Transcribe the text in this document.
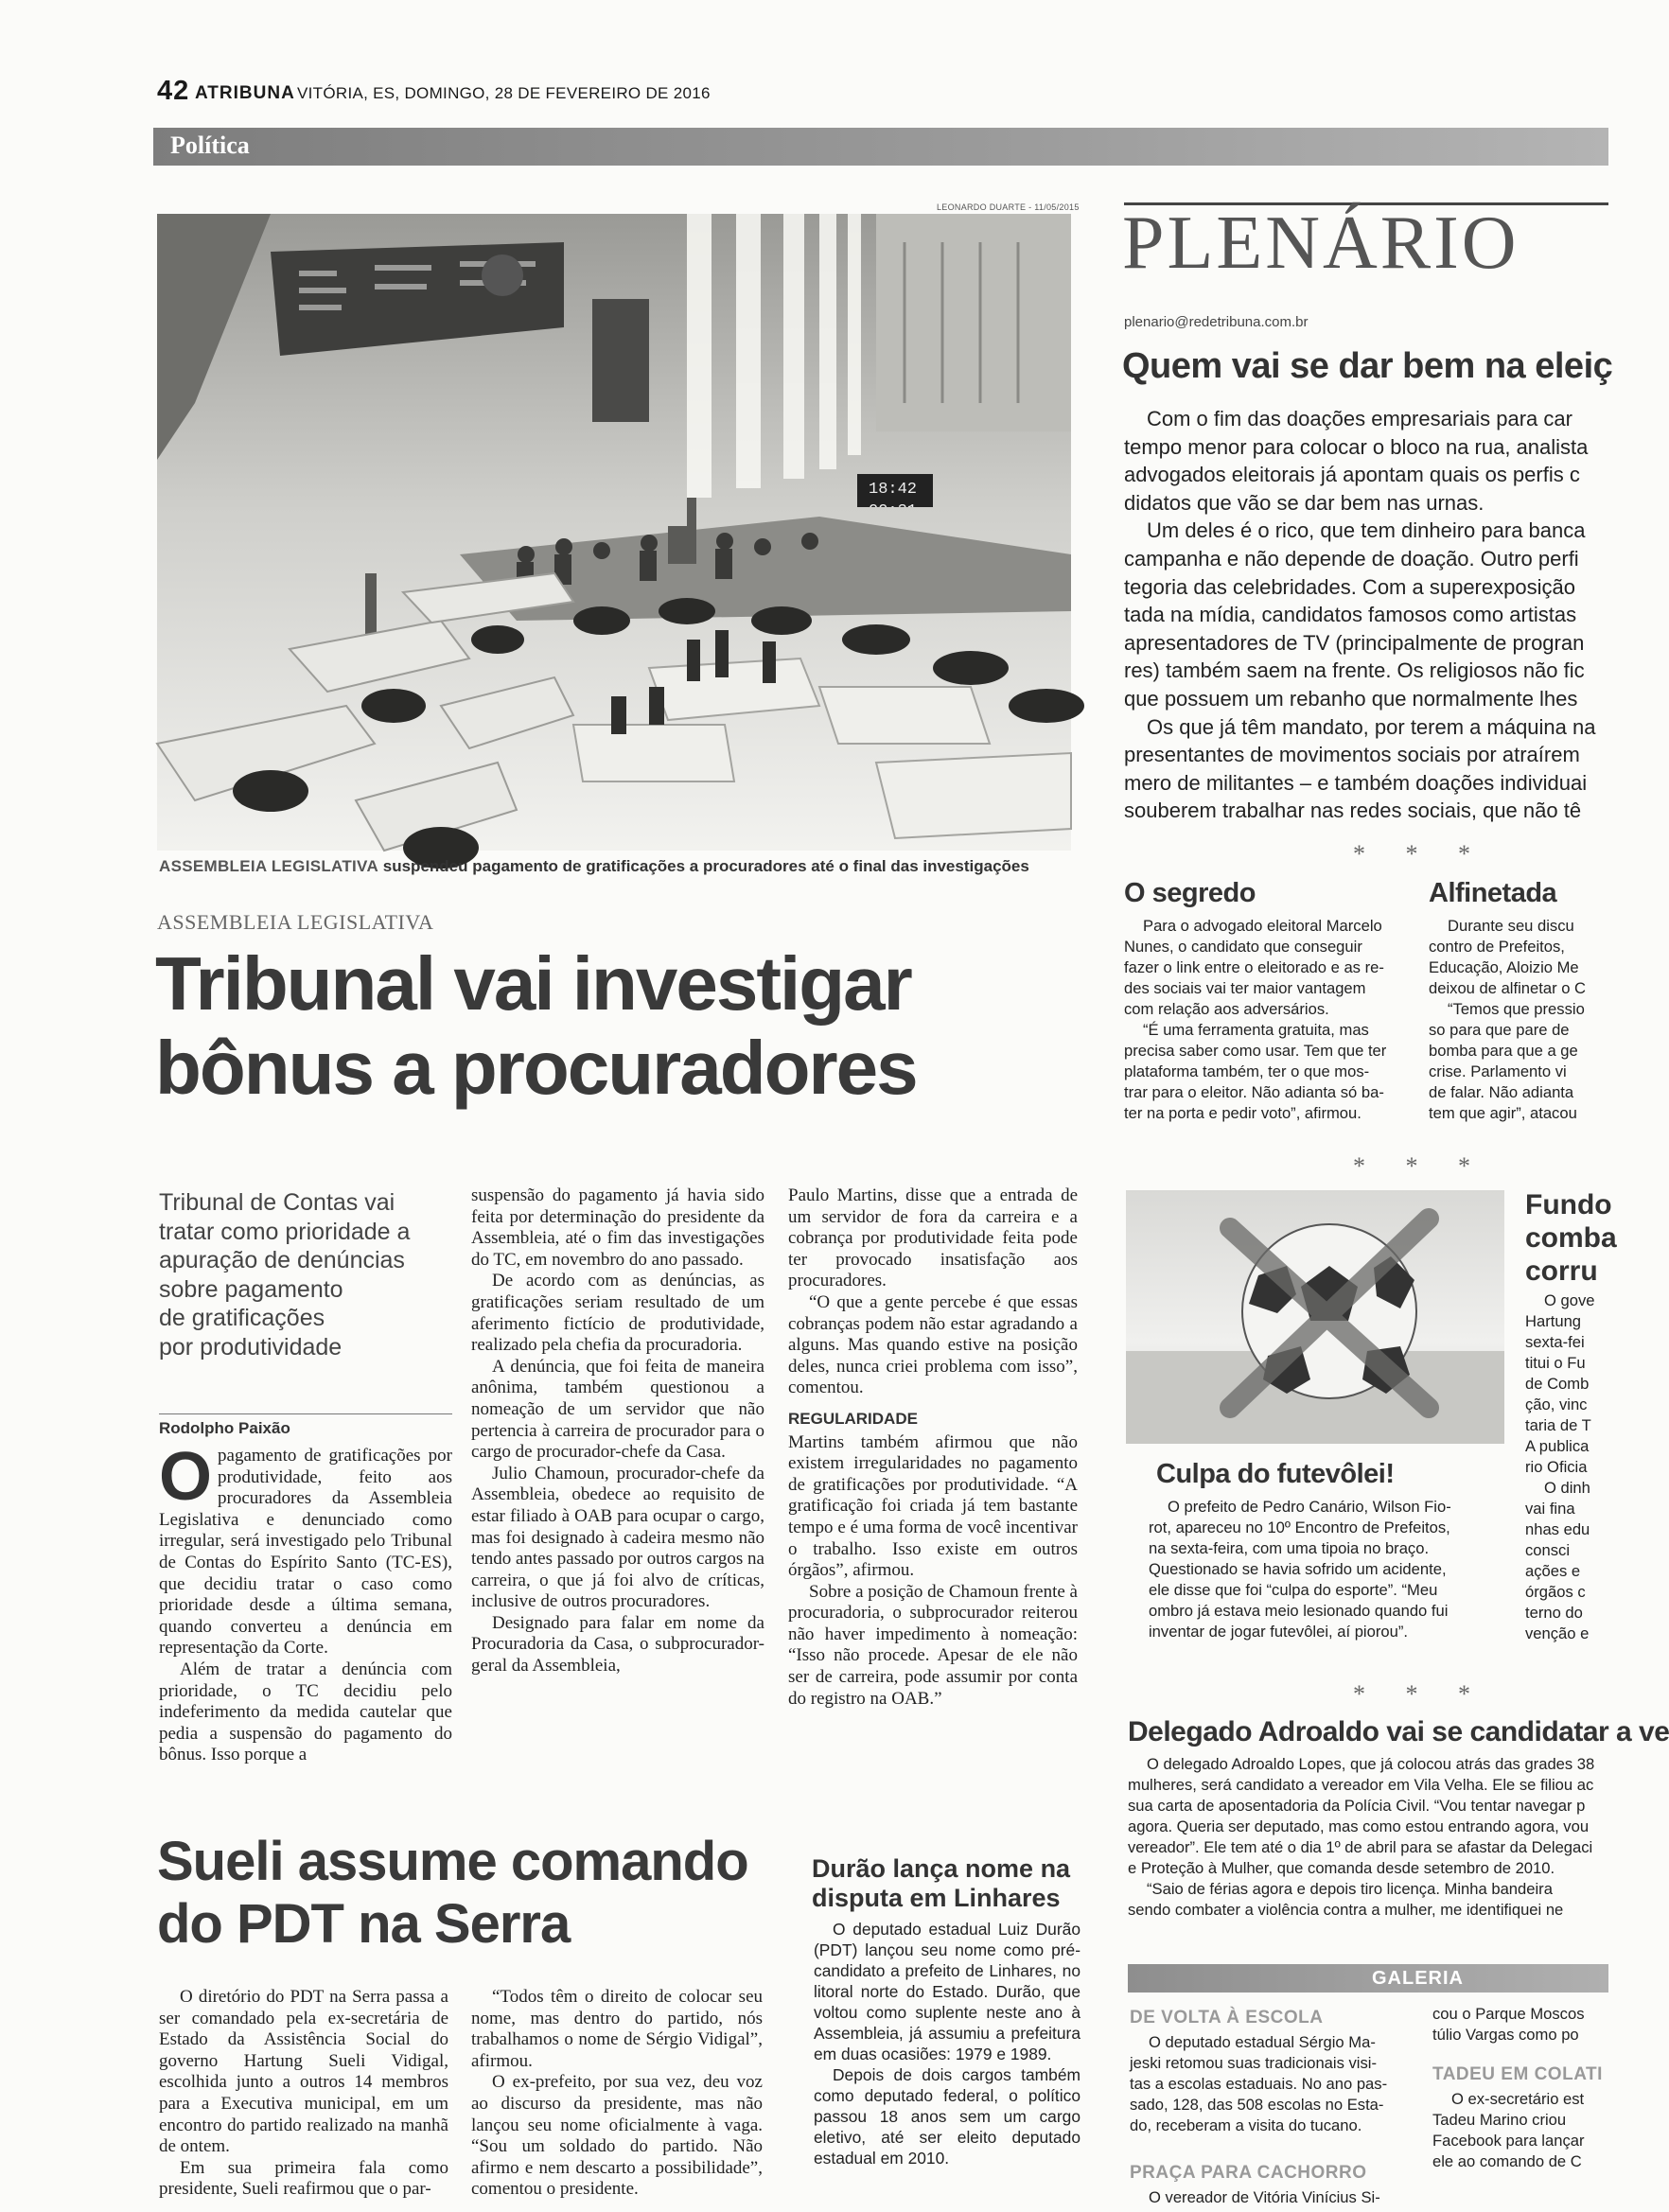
42 ATRIBUNA VITÓRIA, ES, DOMINGO, 28 DE FEVEREIRO DE 2016
Política
LEONARDO DUARTE - 11/05/2015
18:42
ASSEMBLEIA LEGISLATIVA suspendeu pagamento de gratificações a procuradores até o final das investigações
ASSEMBLEIA LEGISLATIVA
Tribunal vai investigar
bônus a procuradores
Tribunal de Contas vai
tratar como prioridade a
apuração de denúncias
sobre pagamento
de gratificações
por produtividade
Rodolpho Paixão
O pagamento de gratificações por produtividade, feito aos procuradores da Assembleia Legislativa e denunciado como irregular, será investigado pelo Tribunal de Contas do Espírito Santo (TC-ES), que decidiu tratar o caso como prioridade desde a última semana, quando converteu a denúncia em representação da Corte.

Além de tratar a denúncia com prioridade, o TC decidiu pelo indeferimento da medida cautelar que pedia a suspensão do pagamento do bônus. Isso porque a

suspensão do pagamento já havia sido feita por determinação do presidente da Assembleia, até o fim das investigações do TC, em novembro do ano passado.

De acordo com as denúncias, as gratificações seriam resultado de um aferimento fictício de produtividade, realizado pela chefia da procuradoria.

A denúncia, que foi feita de maneira anônima, também questionou a nomeação de um servidor que não pertencia à carreira de procurador para o cargo de procurador-chefe da Casa.

Julio Chamoun, procurador-chefe da Assembleia, obedece ao requisito de estar filiado à OAB para ocupar o cargo, mas foi designado à cadeira mesmo não tendo antes passado por outros cargos na carreira, o que já foi alvo de críticas, inclusive de outros procuradores.

Designado para falar em nome da Procuradoria da Casa, o subprocurador-geral da Assembleia,

Paulo Martins, disse que a entrada de um servidor de fora da carreira e a cobrança por produtividade feita pode ter provocado insatisfação aos procuradores.

“O que a gente percebe é que essas cobranças podem não estar agradando a alguns. Mas quando estive na posição deles, nunca criei problema com isso”, comentou.

REGULARIDADE

Martins também afirmou que não existem irregularidades no pagamento de gratificações por produtividade. “A gratificação foi criada já tem bastante tempo e é uma forma de você incentivar o trabalho. Isso existe em outros órgãos”, afirmou.

Sobre a posição de Chamoun frente à procuradoria, o subprocurador reiterou não haver impedimento à nomeação: “Isso não procede. Apesar de ele não ser de carreira, pode assumir por conta do registro na OAB.”

Sueli assume comando
do PDT na Serra

O diretório do PDT na Serra passa a ser comandado pela ex-secretária de Estado da Assistência Social do governo Hartung Sueli Vidigal, escolhida junto a outros 14 membros para a Executiva municipal, em um encontro do partido realizado na manhã de ontem.

Em sua primeira fala como presidente, Sueli reafirmou que o par-

“Todos têm o direito de colocar seu nome, mas dentro do partido, nós trabalhamos o nome de Sérgio Vidigal”, afirmou.

O ex-prefeito, por sua vez, deu voz ao discurso da presidente, mas não lançou seu nome oficialmente à vaga. “Sou um soldado do partido. Não afirmo e nem descarto a possibilidade”, comentou o presidente.

Durão lança nome na
disputa em Linhares

O deputado estadual Luiz Durão (PDT) lançou seu nome como pré-candidato a prefeito de Linhares, no litoral norte do Estado. Durão, que voltou como suplente neste ano à Assembleia, já assumiu a prefeitura em duas ocasiões: 1979 e 1989.

Depois de dois cargos também como deputado federal, o político passou 18 anos sem um cargo eletivo, até ser eleito deputado estadual em 2010.

PLENÁRIO
plenario@redetribuna.com.br
Quem vai se dar bem na eleiç
Com o fim das doações empresariais para car
tempo menor para colocar o bloco na rua, analista
advogados eleitorais já apontam quais os perfis c
didatos que vão se dar bem nas urnas.
Um deles é o rico, que tem dinheiro para banca
campanha e não depende de doação. Outro perfi
tegoria das celebridades. Com a superexposição
tada na mídia, candidatos famosos como artistas
apresentadores de TV (principalmente de progran
res) também saem na frente. Os religiosos não fic
que possuem um rebanho que normalmente lhes
Os que já têm mandato, por terem a máquina na
presentantes de movimentos sociais por atraírem
mero de militantes – e também doações individuai
souberem trabalhar nas redes sociais, que não tê
* * *
O segredo
Para o advogado eleitoral Marcelo
Nunes, o candidato que conseguir
fazer o link entre o eleitorado e as re-
des sociais vai ter maior vantagem
com relação aos adversários.
“É uma ferramenta gratuita, mas
precisa saber como usar. Tem que ter
plataforma também, ter o que mos-
trar para o eleitor. Não adianta só ba-
ter na porta e pedir voto”, afirmou.
Alfinetada
Durante seu discu
contro de Prefeitos,
Educação, Aloizio Me
deixou de alfinetar o C
“Temos que pressio
so para que pare de
bomba para que a ge
crise. Parlamento vi
de falar. Não adianta
tem que agir”, atacou
* * *
Culpa do futevôlei!
O prefeito de Pedro Canário, Wilson Fio-
rot, apareceu no 10º Encontro de Prefeitos,
na sexta-feira, com uma tipoia no braço.
Questionado se havia sofrido um acidente,
ele disse que foi “culpa do esporte”. “Meu
ombro já estava meio lesionado quando fui
inventar de jogar futevôlei, aí piorou”.
Fundo
comba
corru
O gove
Hartung
sexta-fei
titui o Fu
de Comb
ção, vinc
taria de T
A publica
rio Oficia
O dinh
vai fina
nhas edu
consci
ações e
órgãos c
terno do
venção e
* * *
Delegado Adroaldo vai se candidatar a ve
O delegado Adroaldo Lopes, que já colocou atrás das grades 38
mulheres, será candidato a vereador em Vila Velha. Ele se filiou ac
sua carta de aposentadoria da Polícia Civil. “Vou tentar navegar p
agora. Queria ser deputado, mas como estou entrando agora, vou
vereador”. Ele tem até o dia 1º de abril para se afastar da Delegaci
e Proteção à Mulher, que comanda desde setembro de 2010.
“Saio de férias agora e depois tiro licença. Minha bandeira
sendo combater a violência contra a mulher, me identifiquei ne
GALERIA
DE VOLTA À ESCOLA
O deputado estadual Sérgio Ma-
jeski retomou suas tradicionais visi-
tas a escolas estaduais. No ano pas-
sado, 128, das 508 escolas no Esta-
do, receberam a visita do tucano.
PRAÇA PARA CACHORRO
O vereador de Vitória Vinícius Si-
cou o Parque Moscos
túlio Vargas como po
TADEU EM COLATI
O ex-secretário est
Tadeu Marino criou
Facebook para lançar
ele ao comando de C
